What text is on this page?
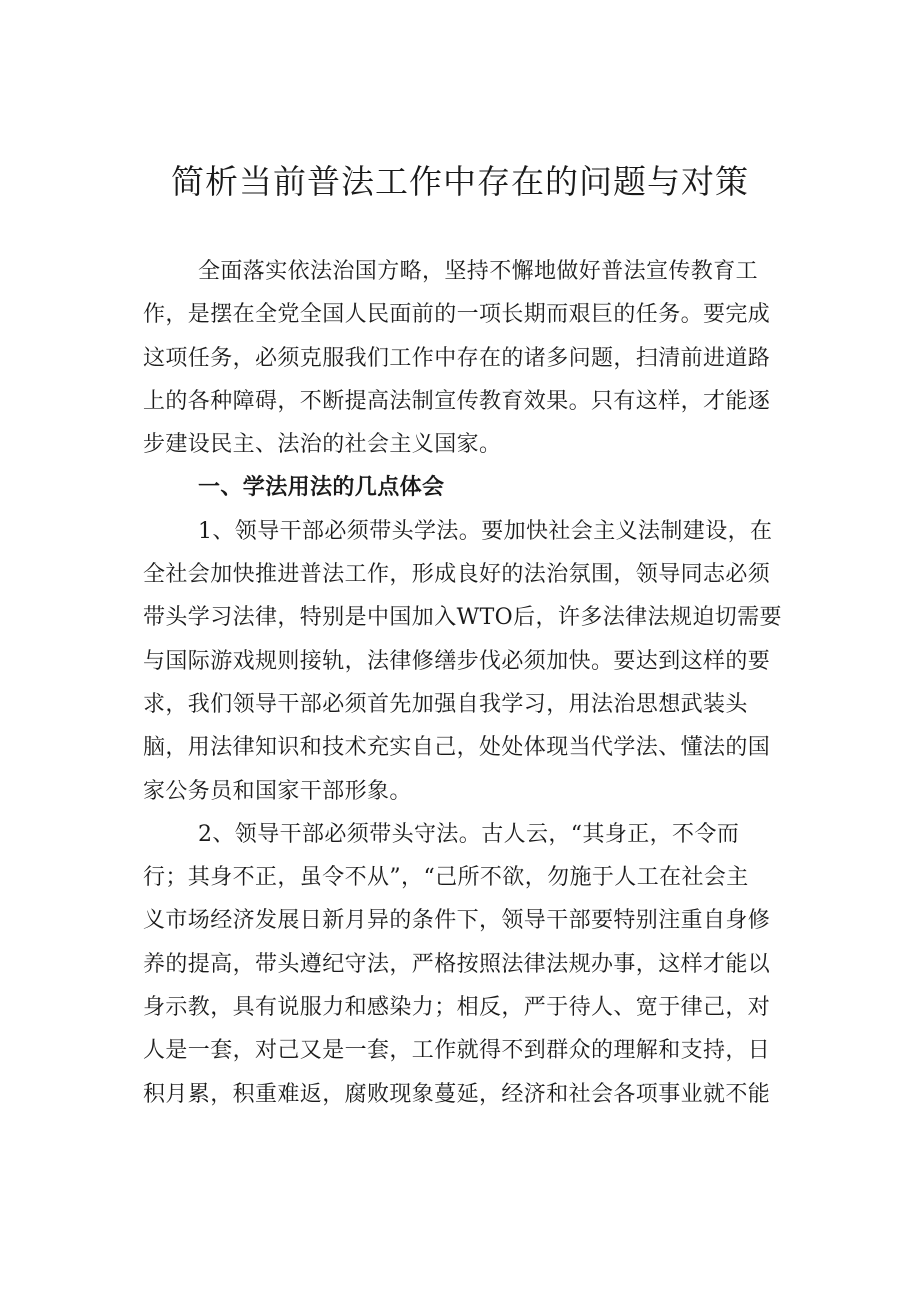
简析当前普法工作中存在的问题与对策
全面落实依法治国方略，坚持不懈地做好普法宣传教育工
作，是摆在全党全国人民面前的一项长期而艰巨的任务。要完成
这项任务，必须克服我们工作中存在的诸多问题，扫清前进道路
上的各种障碍，不断提高法制宣传教育效果。只有这样，才能逐
步建设民主、法治的社会主义国家。
一、学法用法的几点体会
1、领导干部必须带头学法。要加快社会主义法制建设，在
全社会加快推进普法工作，形成良好的法治氛围，领导同志必须
带头学习法律，特别是中国加入WTO后，许多法律法规迫切需要
与国际游戏规则接轨，法律修缮步伐必须加快。要达到这样的要
求，我们领导干部必须首先加强自我学习，用法治思想武装头
脑，用法律知识和技术充实自己，处处体现当代学法、懂法的国
家公务员和国家干部形象。
2、领导干部必须带头守法。古人云，“其身正，不令而
行；其身不正，虽令不从”，“己所不欲，勿施于人工在社会主
义市场经济发展日新月异的条件下，领导干部要特别注重自身修
养的提高，带头遵纪守法，严格按照法律法规办事，这样才能以
身示教，具有说服力和感染力；相反，严于待人、宽于律己，对
人是一套，对己又是一套，工作就得不到群众的理解和支持，日
积月累，积重难返，腐败现象蔓延，经济和社会各项事业就不能
